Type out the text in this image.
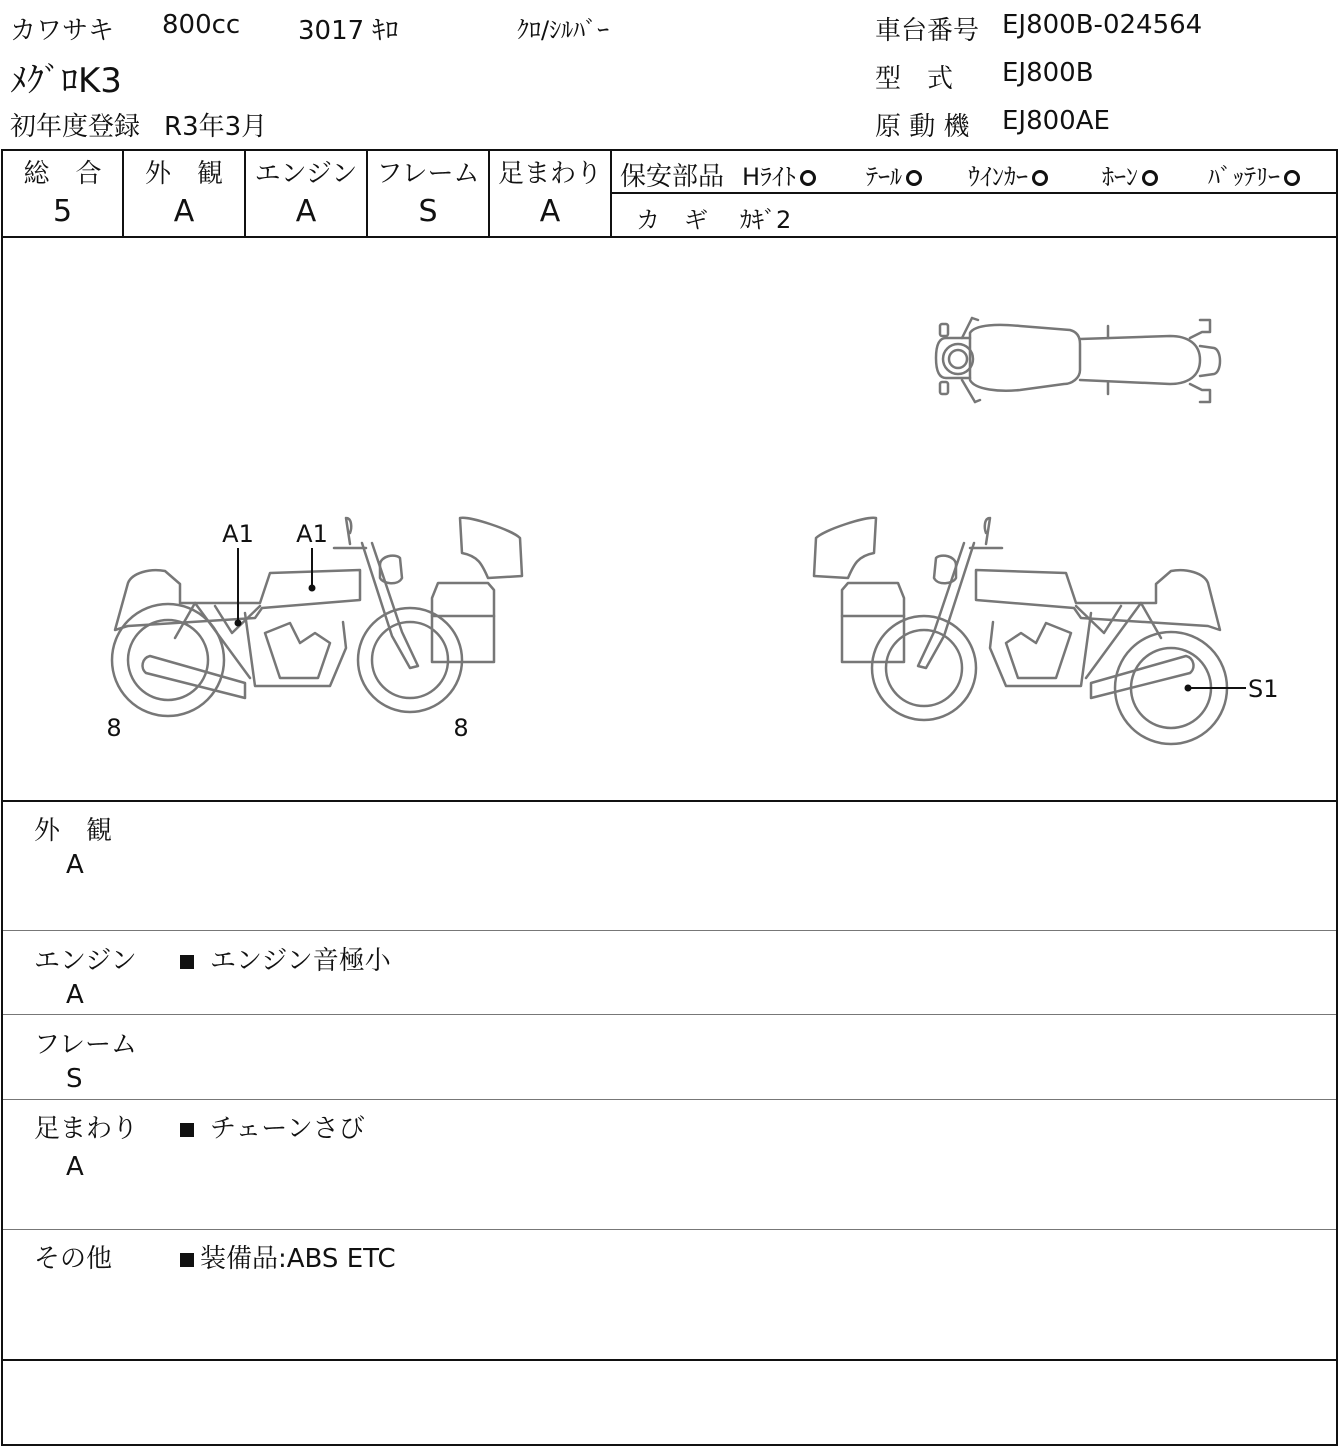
カワサキ 800cc 3017 ｷﾛ	ｸﾛ/ｼﾙﾊﾞｰ
ﾒｸﾞﾛK3
初年度登録 R3年3月
車台番号 EJ800B-024564
型　式	EJ800B
原 動 機 EJ800AE
総　合
5
外　観
A
エンジン
A
フレーム
S
足まわり
A
保安部品 Hﾗｲﾄ	ﾃｰﾙ	ｳｲﾝｶｰ	ﾎｰﾝ	ﾊﾞｯﾃﾘｰ
カ　ギ ｶｷﾞ2
A1 A1
8	8
S1
外　観
A
エンジン
A
エンジン音極小
フレーム
S
足まわり
A
チェーンさび
その他	装備品:ABS ETC
